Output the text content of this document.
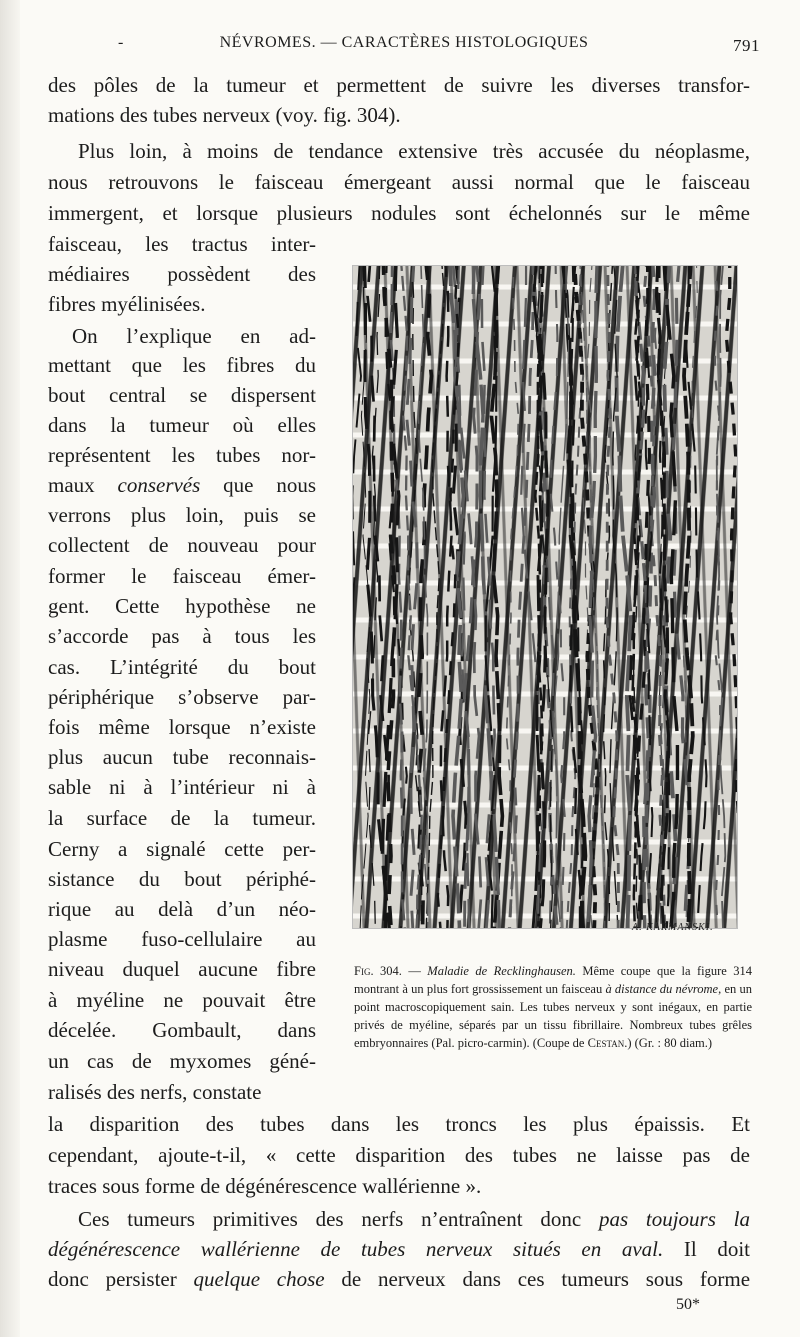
-	NÉVROMES. — CARACTÈRES HISTOLOGIQUES	791
des pôles de la tumeur et permettent de suivre les diverses transfor-
mations des tubes nerveux (voy. fig. 304).
Plus loin, à moins de tendance extensive très accusée du néoplasme,
nous retrouvons le faisceau émergeant aussi normal que le faisceau
immergent, et lorsque plusieurs nodules sont échelonnés sur le même
faisceau, les tractus inter-
médiaires possèdent des
fibres myélinisées.
On l’explique en ad-
mettant que les fibres du
bout central se dispersent
dans la tumeur où elles
représentent les tubes nor-
maux conservés que nous
verrons plus loin, puis se
collectent de nouveau pour
former le faisceau émer-
gent. Cette hypothèse ne
s’accorde pas à tous les
cas. L’intégrité du bout
périphérique s’observe par-
fois même lorsque n’existe
plus aucun tube reconnais-
sable ni à l’intérieur ni à
la surface de la tumeur.
Cerny a signalé cette per-
sistance du bout périphé-
rique au delà d’un néo-
plasme fuso-cellulaire au
niveau duquel aucune fibre
à myéline ne pouvait être
décelée. Gombault, dans
un cas de myxomes géné-
ralisés des nerfs, constate
A. KARMANSKI.
Fig. 304. — Maladie de Recklinghausen. Même coupe que la figure 314 montrant à un plus fort grossissement un faisceau à distance du névrome, en un point macroscopiquement sain. Les tubes nerveux y sont inégaux, en partie privés de myéline, séparés par un tissu fibrillaire. Nombreux tubes grêles embryonnaires (Pal. picro-carmin). (Coupe de Cestan.) (Gr. : 80 diam.)
la disparition des tubes dans les troncs les plus épaissis. Et
cependant, ajoute-t-il, « cette disparition des tubes ne laisse pas de
traces sous forme de dégénérescence wallérienne ».
Ces tumeurs primitives des nerfs n’entraînent donc pas toujours la
dégénérescence wallérienne de tubes nerveux situés en aval. Il doit
donc persister quelque chose de nerveux dans ces tumeurs sous forme
50*
